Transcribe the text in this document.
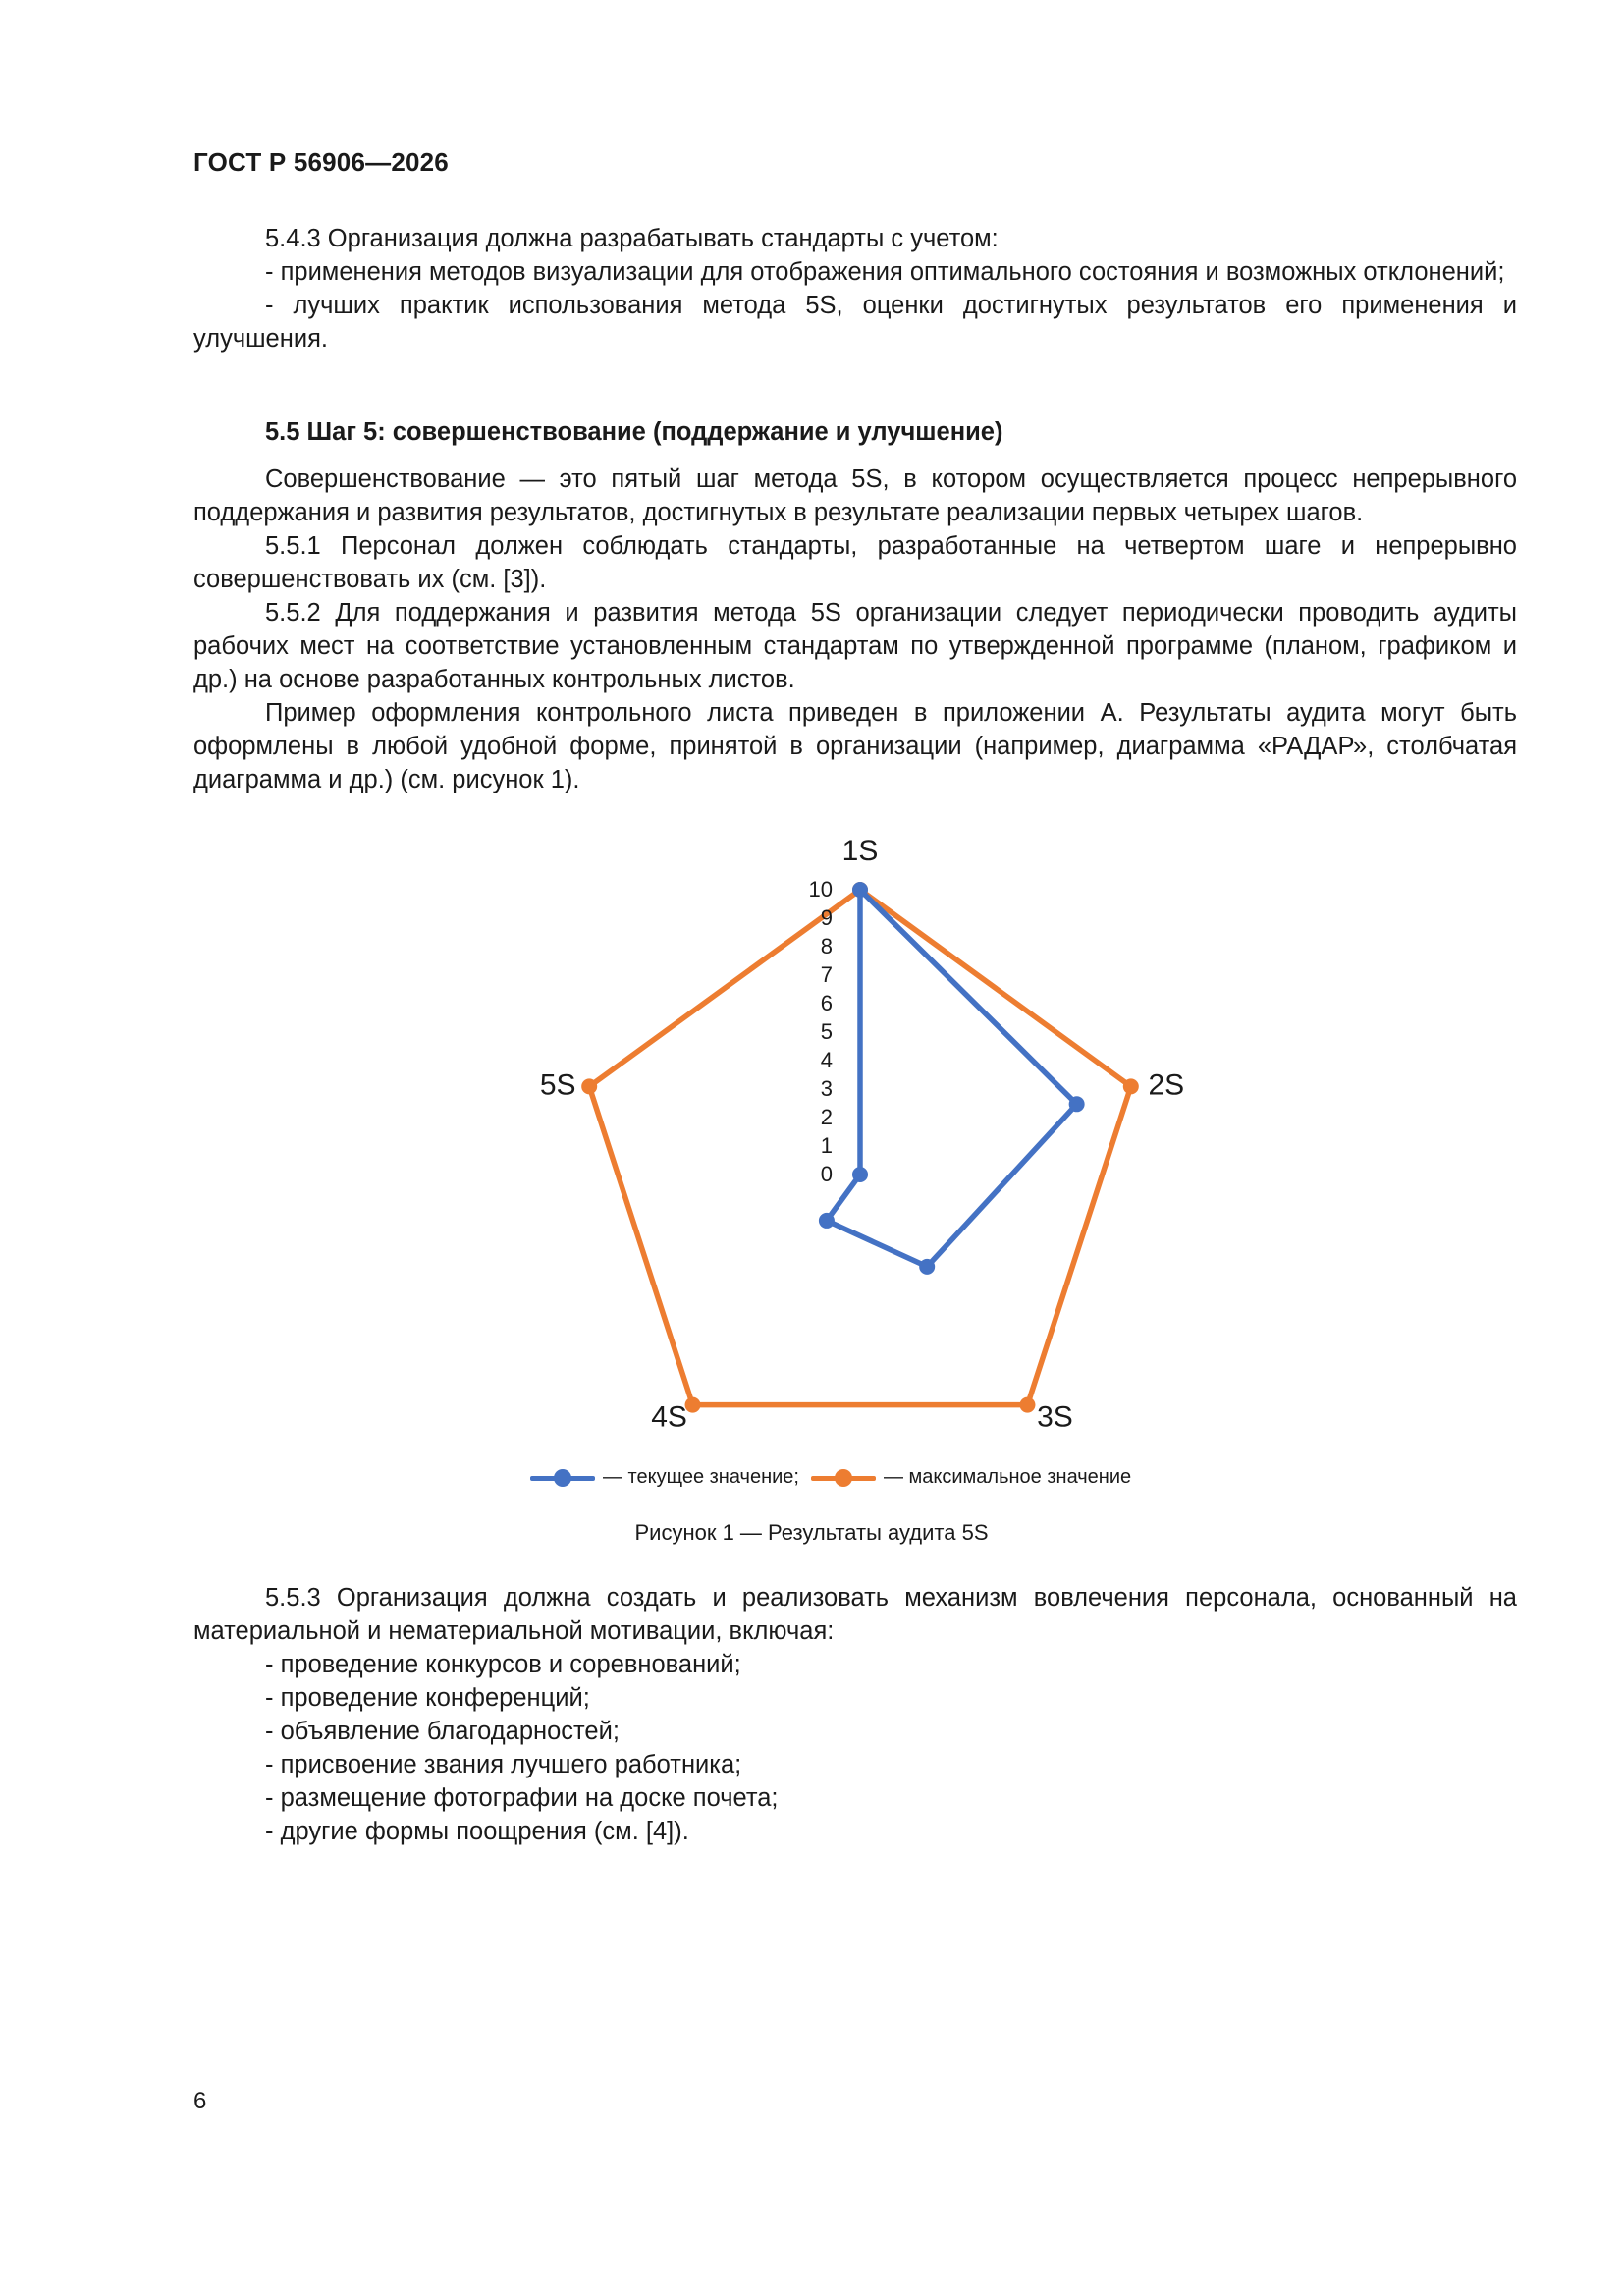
ГОСТ Р 56906—2026

5.4.3 Организация должна разрабатывать стандарты с учетом:

- применения методов визуализации для отображения оптимального состояния и возможных отклонений;

- лучших практик использования метода 5S, оценки достигнутых результатов его применения и улучшения.

5.5 Шаг 5: совершенствование (поддержание и улучшение)

Совершенствование — это пятый шаг метода 5S, в котором осуществляется процесс непрерывного поддержания и развития результатов, достигнутых в результате реализации первых четырех шагов.

5.5.1 Персонал должен соблюдать стандарты, разработанные на четвертом шаге и непрерывно совершенствовать их (см. [3]).

5.5.2 Для поддержания и развития метода 5S организации следует периодически проводить аудиты рабочих мест на соответствие установленным стандартам по утвержденной программе (планом, графиком и др.) на основе разработанных контрольных листов.

Пример оформления контрольного листа приведен в приложении А. Результаты аудита могут быть оформлены в любой удобной форме, принятой в организации (например, диаграмма «РАДАР», столбчатая диаграмма и др.) (см. рисунок 1).

0
1
2
3
4
5
6
7
8
9
10
1S
2S
3S
4S
5S
— текущее значение;	— максимальное значение
Рисунок 1 — Результаты аудита 5S

5.5.3 Организация должна создать и реализовать механизм вовлечения персонала, основанный на материальной и нематериальной мотивации, включая:

- проведение конкурсов и соревнований;

- проведение конференций;

- объявление благодарностей;

- присвоение звания лучшего работника;

- размещение фотографии на доске почета;

- другие формы поощрения (см. [4]).

6
